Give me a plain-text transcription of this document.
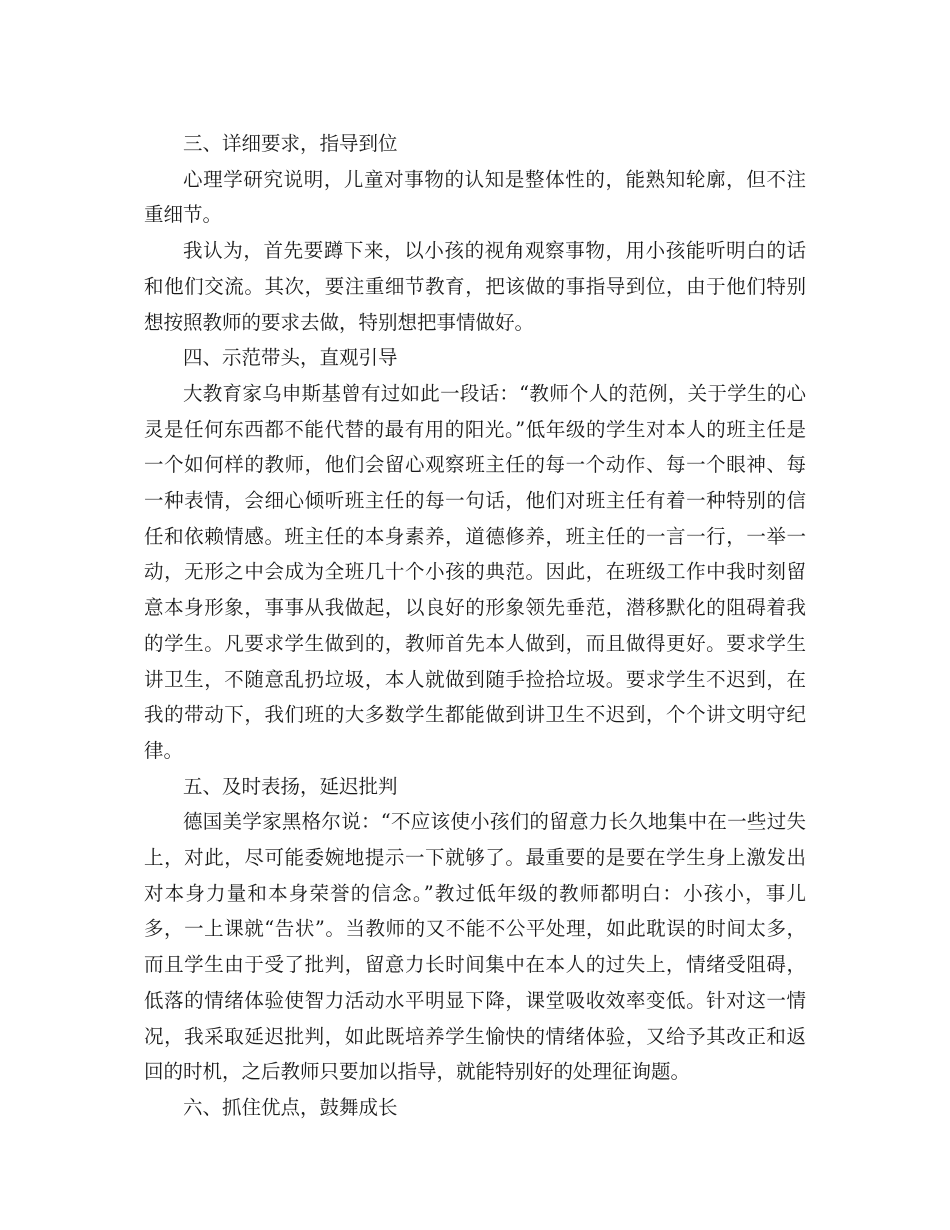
三、详细要求，指导到位

心理学研究说明，儿童对事物的认知是整体性的，能熟知轮廓，但不注重细节。

我认为，首先要蹲下来，以小孩的视角观察事物，用小孩能听明白的话和他们交流。其次，要注重细节教育，把该做的事指导到位，由于他们特别想按照教师的要求去做，特别想把事情做好。

四、示范带头，直观引导

大教育家乌申斯基曾有过如此一段话：“教师个人的范例，关于学生的心灵是任何东西都不能代替的最有用的阳光。”低年级的学生对本人的班主任是一个如何样的教师，他们会留心观察班主任的每一个动作、每一个眼神、每一种表情，会细心倾听班主任的每一句话，他们对班主任有着一种特别的信任和依赖情感。班主任的本身素养，道德修养，班主任的一言一行，一举一动，无形之中会成为全班几十个小孩的典范。因此，在班级工作中我时刻留意本身形象，事事从我做起，以良好的形象领先垂范，潜移默化的阻碍着我的学生。凡要求学生做到的，教师首先本人做到，而且做得更好。要求学生讲卫生，不随意乱扔垃圾，本人就做到随手捡拾垃圾。要求学生不迟到，在我的带动下，我们班的大多数学生都能做到讲卫生不迟到，个个讲文明守纪律。

五、及时表扬，延迟批判

德国美学家黑格尔说：“不应该使小孩们的留意力长久地集中在一些过失上，对此，尽可能委婉地提示一下就够了。最重要的是要在学生身上激发出对本身力量和本身荣誉的信念。”教过低年级的教师都明白：小孩小，事儿多，一上课就“告状”。当教师的又不能不公平处理，如此耽误的时间太多，而且学生由于受了批判，留意力长时间集中在本人的过失上，情绪受阻碍，低落的情绪体验使智力活动水平明显下降，课堂吸收效率变低。针对这一情况，我采取延迟批判，如此既培养学生愉快的情绪体验，又给予其改正和返回的时机，之后教师只要加以指导，就能特别好的处理征询题。

六、抓住优点，鼓舞成长
